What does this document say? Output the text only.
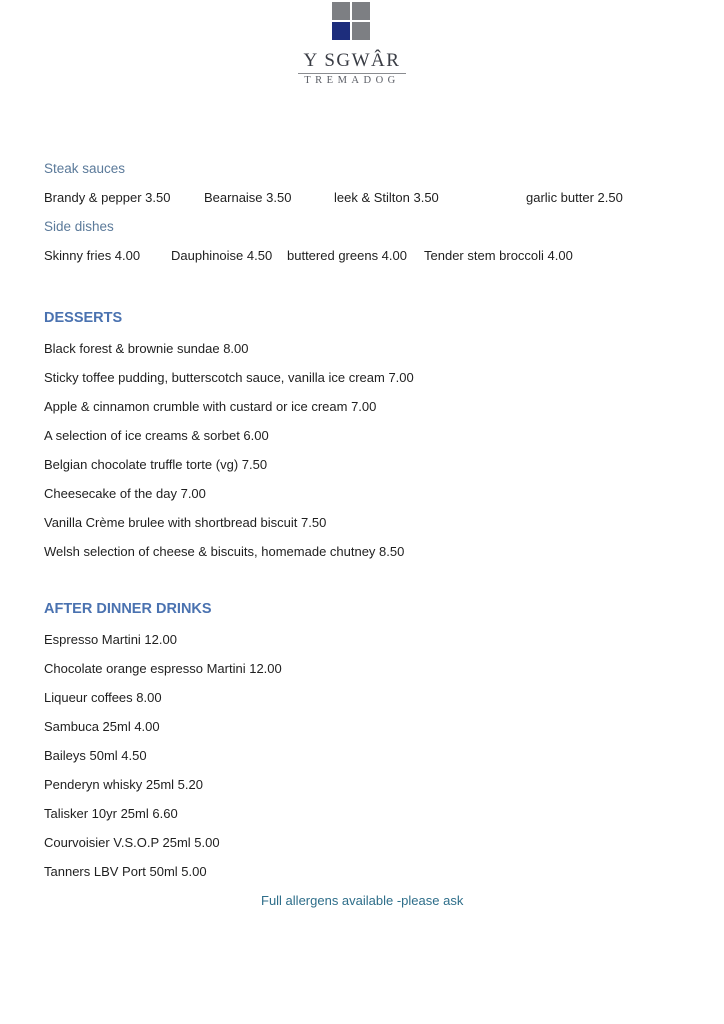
Y SGWÂR
TREMADOG
Steak sauces
Brandy & pepper 3.50	Bearnaise 3.50	leek & Stilton 3.50	garlic butter 2.50
Side dishes
Skinny fries 4.00 Dauphinoise 4.50 buttered greens 4.00 Tender stem broccoli 4.00
DESSERTS
Black forest & brownie sundae 8.00
Sticky toffee pudding, butterscotch sauce, vanilla ice cream 7.00
Apple & cinnamon crumble with custard or ice cream 7.00
A selection of ice creams & sorbet 6.00
Belgian chocolate truffle torte (vg) 7.50
Cheesecake of the day 7.00
Vanilla Crème brulee with shortbread biscuit 7.50
Welsh selection of cheese & biscuits, homemade chutney 8.50
AFTER DINNER DRINKS
Espresso Martini 12.00
Chocolate orange espresso Martini 12.00
Liqueur coffees 8.00
Sambuca 25ml 4.00
Baileys 50ml 4.50
Penderyn whisky 25ml 5.20
Talisker 10yr 25ml 6.60
Courvoisier V.S.O.P 25ml 5.00
Tanners LBV Port 50ml 5.00
Full allergens available -please ask
